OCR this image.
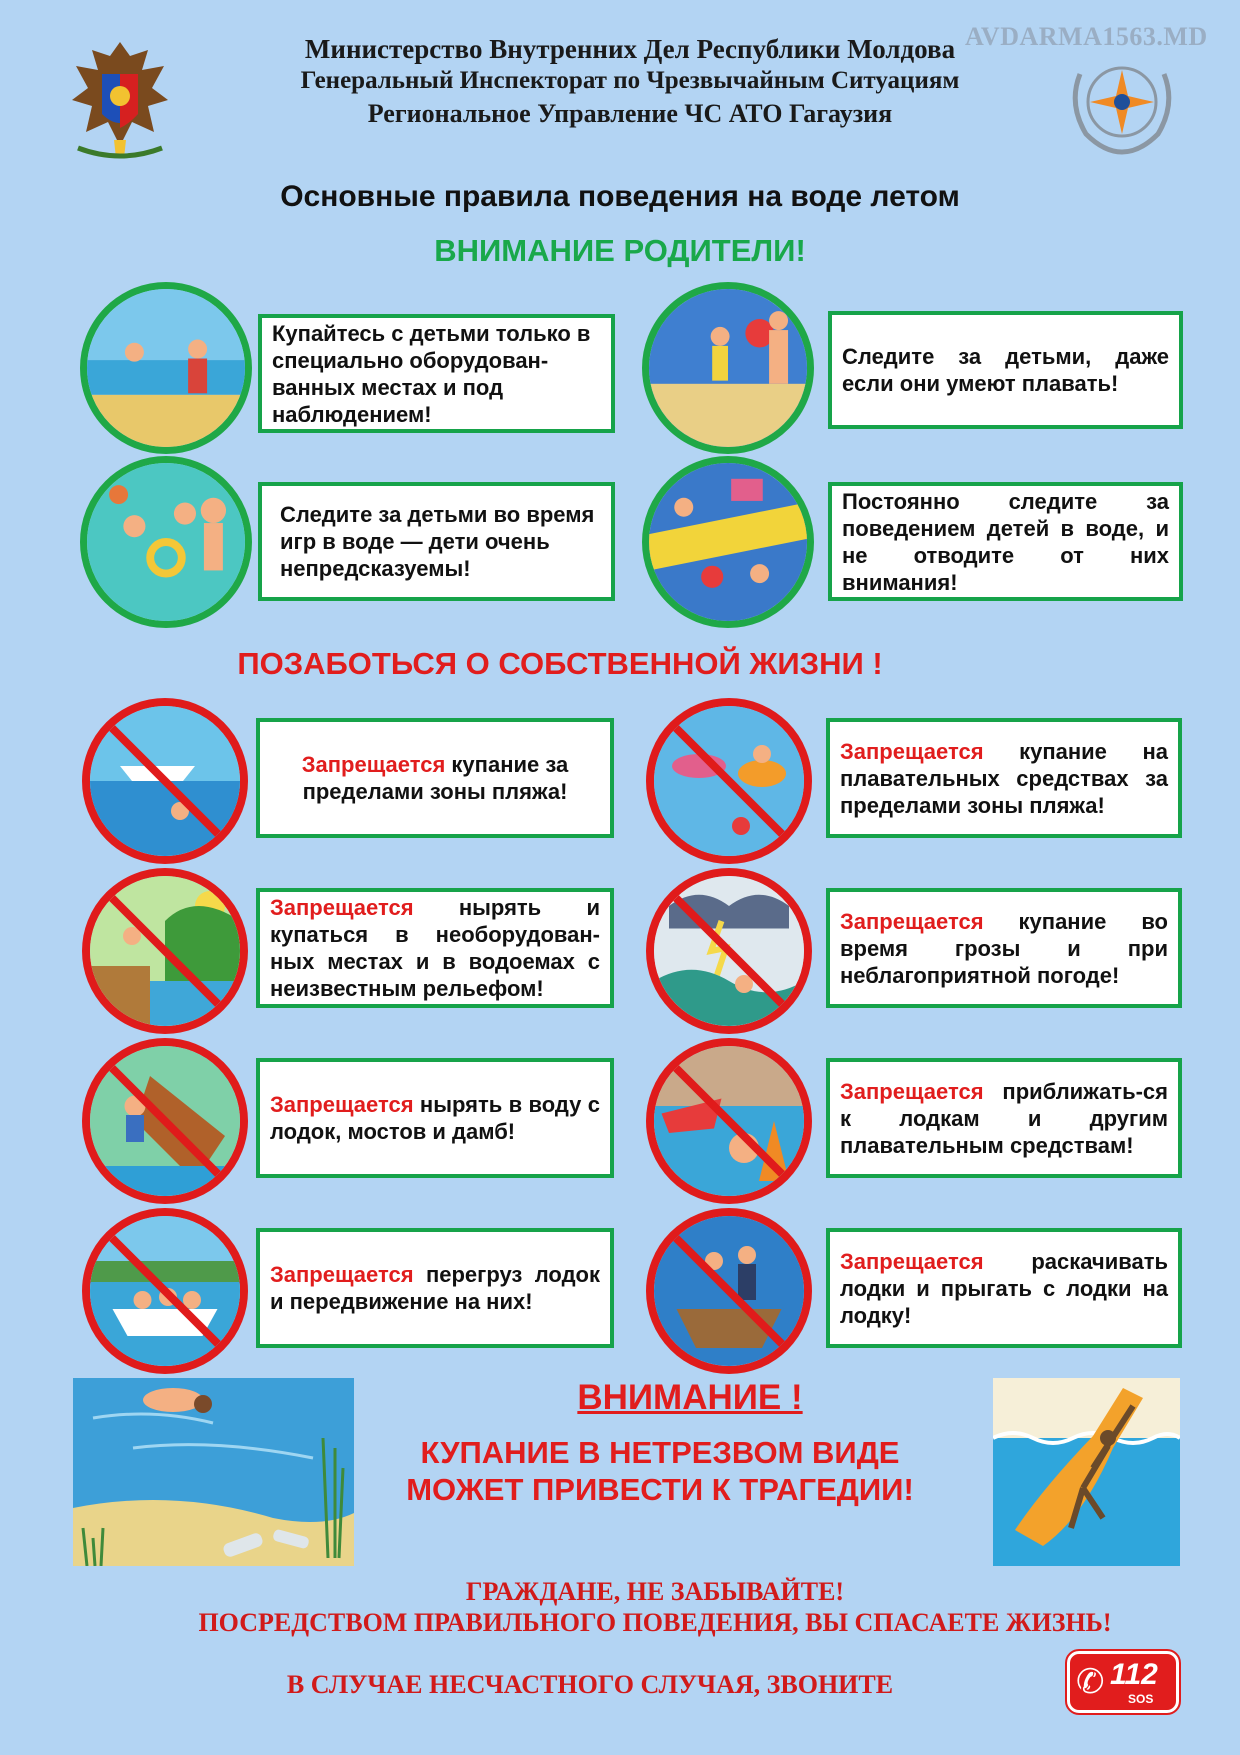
Министерство Внутренних Дел Республики Молдова
Генеральный Инспекторат по Чрезвычайным Ситуациям
Региональное Управление ЧС АТО Гагаузия
AVDARMA1563.MD
Основные правила поведения на воде летом
ВНИМАНИЕ РОДИТЕЛИ!
Купайтесь с детьми только в специально оборудован-ванных местах и под наблюдением!
Следите за детьми, даже если они умеют плавать!
Следите за детьми во время игр в воде — дети очень непредсказуемы!
Постоянно следите за поведением детей в воде, и не отводите от них внимания!
ПОЗАБОТЬСЯ О СОБСТВЕННОЙ ЖИЗНИ !
Запрещается купание за пределами зоны пляжа!
Запрещается купание на плавательных средствах за пределами зоны пляжа!
Запрещается нырять и купаться в необорудован-ных местах и в водоемах с неизвестным рельефом!
Запрещается купание во время грозы и при неблагоприятной погоде!
Запрещается нырять в воду с лодок, мостов и дамб!
Запрещается приближать-ся к лодкам и другим плавательным средствам!
Запрещается перегруз лодок и передвижение на них!
Запрещается раскачивать лодки и прыгать с лодки на лодку!
ВНИМАНИЕ !
КУПАНИЕ В НЕТРЕЗВОМ ВИДЕ
МОЖЕТ ПРИВЕСТИ К ТРАГЕДИИ!
ГРАЖДАНЕ, НЕ ЗАБЫВАЙТЕ!
ПОСРЕДСТВОМ ПРАВИЛЬНОГО ПОВЕДЕНИЯ, ВЫ СПАСАЕТЕ ЖИЗНЬ!
В СЛУЧАЕ НЕСЧАСТНОГО СЛУЧАЯ, ЗВОНИТЕ	✆ 112
SOS
